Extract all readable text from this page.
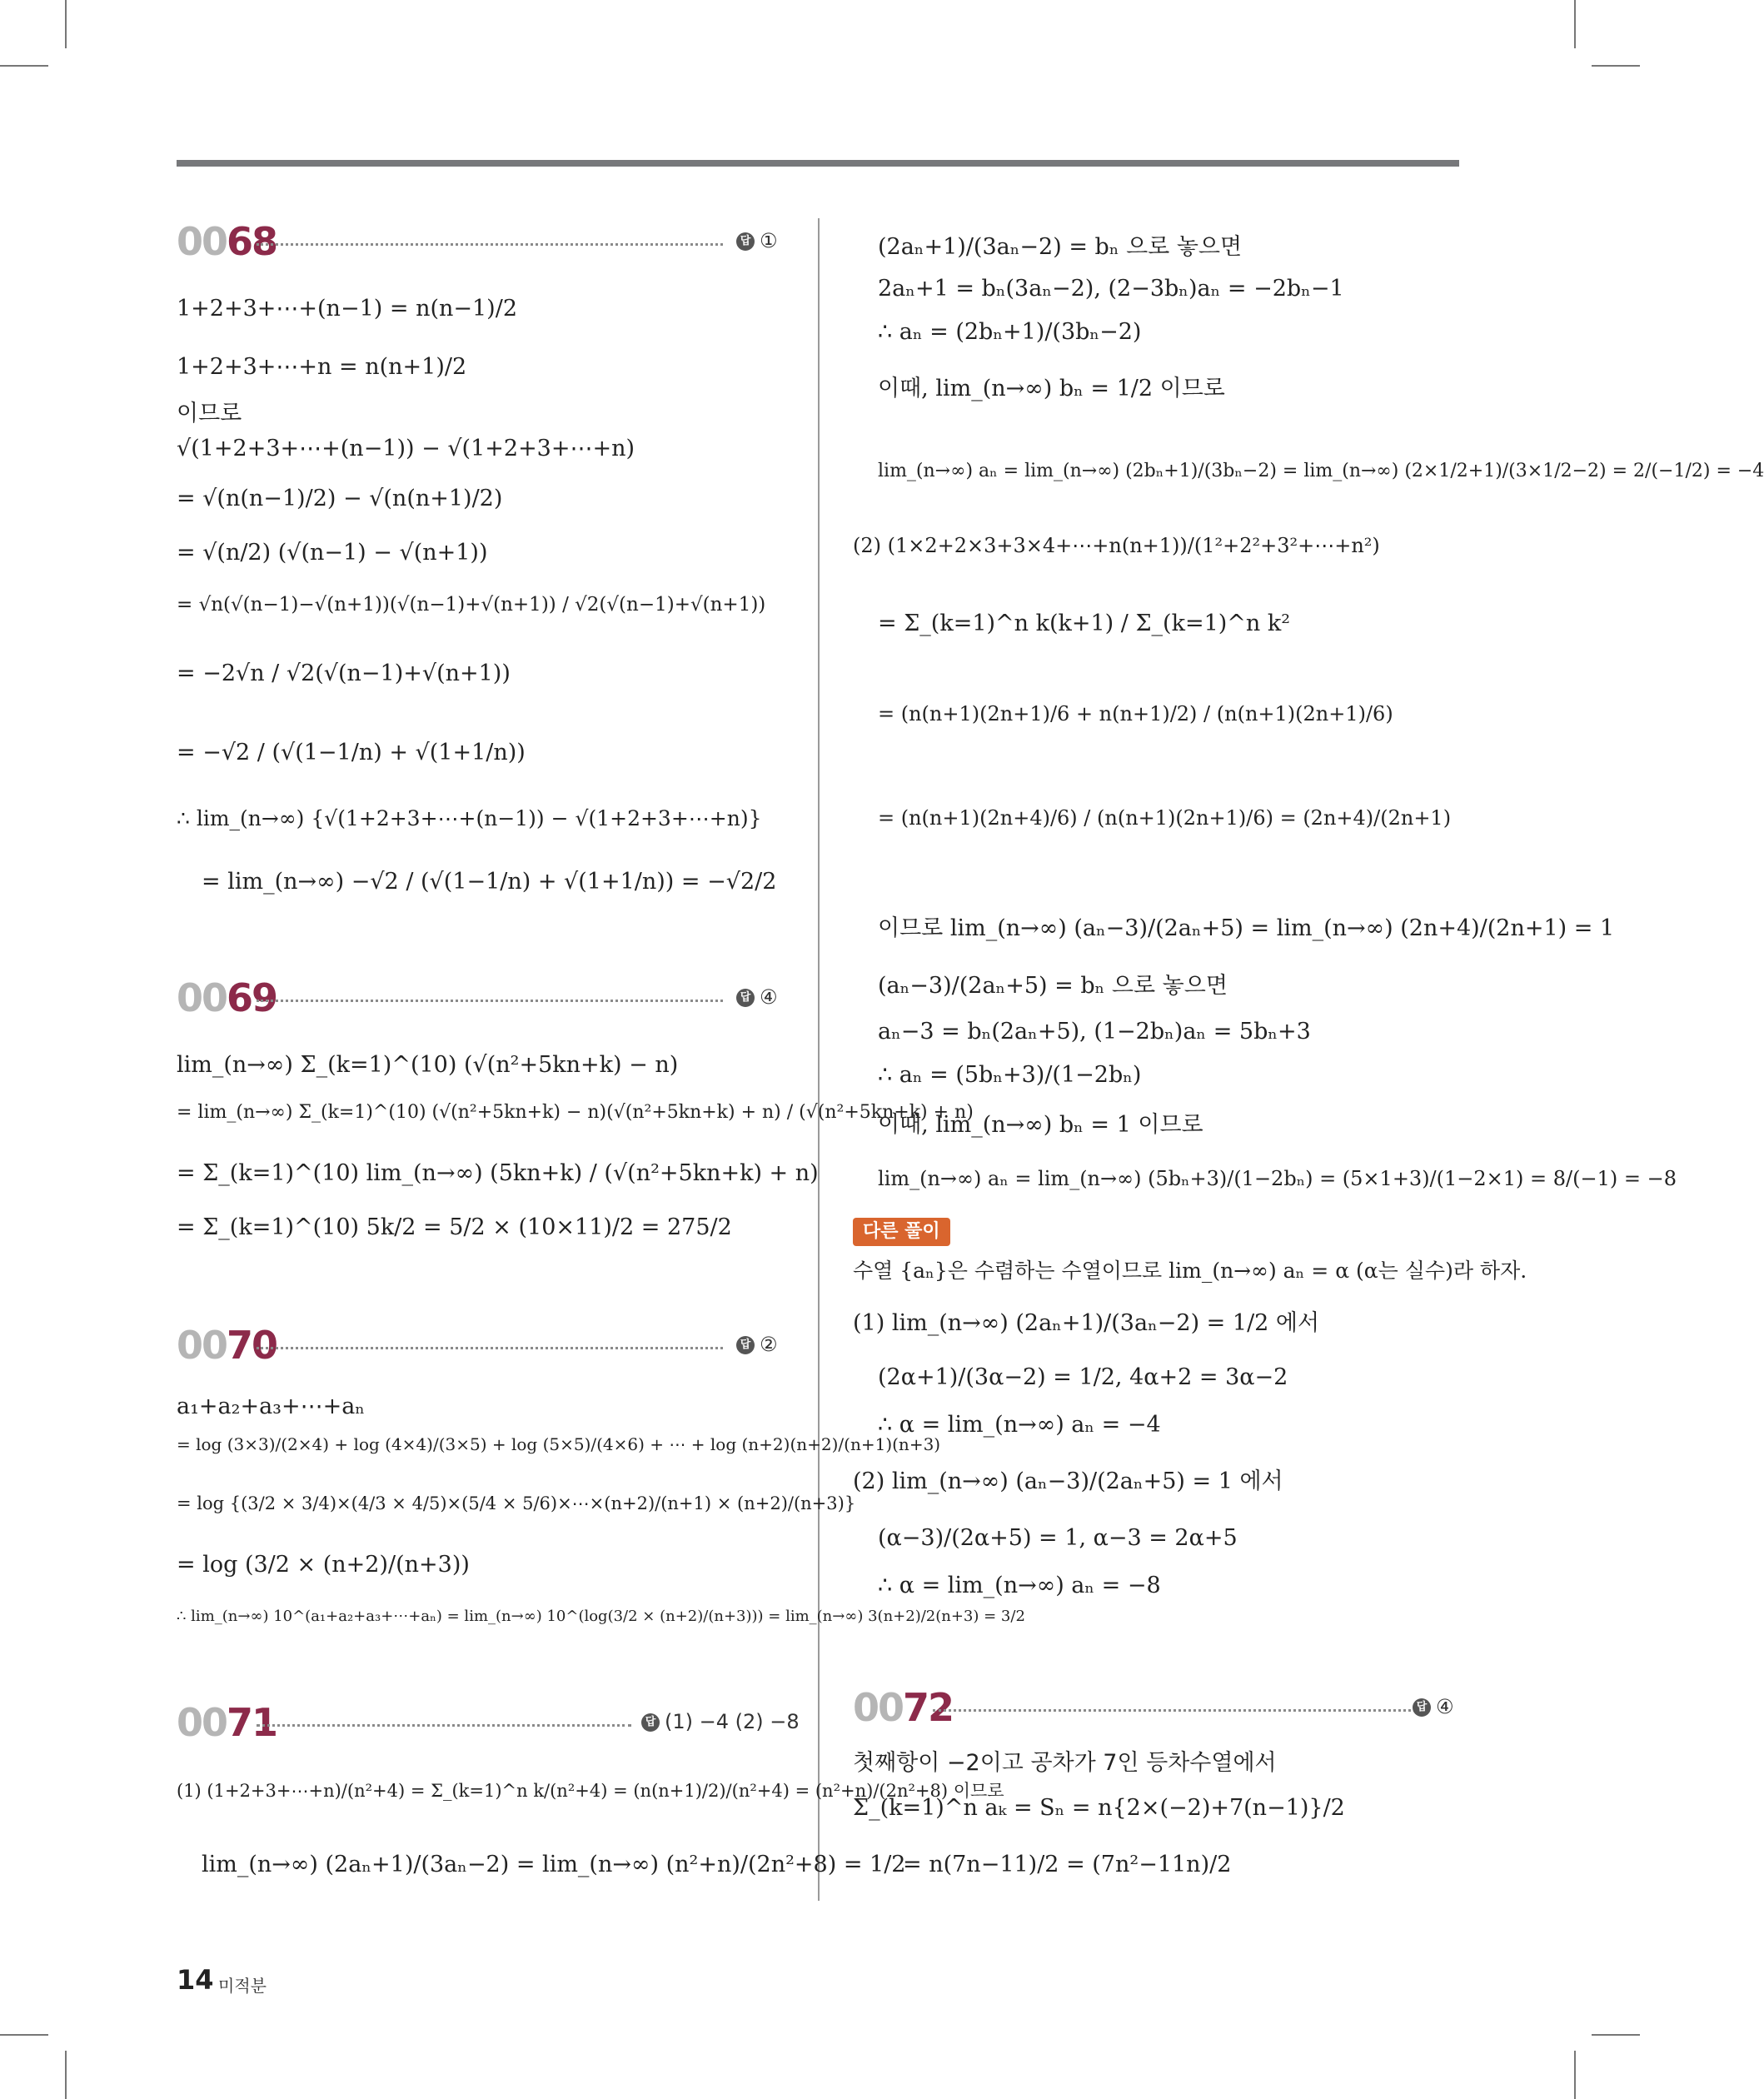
0068	답 ①
1+2+3+⋯+(n−1) = n(n−1)/2
1+2+3+⋯+n = n(n+1)/2
이므로
√(1+2+3+⋯+(n−1)) − √(1+2+3+⋯+n)
= √(n(n−1)/2) − √(n(n+1)/2)
= √(n/2) (√(n−1) − √(n+1))
= √n(√(n−1)−√(n+1))(√(n−1)+√(n+1)) / √2(√(n−1)+√(n+1))
= −2√n / √2(√(n−1)+√(n+1))
= −√2 / (√(1−1/n) + √(1+1/n))
∴ lim_(n→∞) {√(1+2+3+⋯+(n−1)) − √(1+2+3+⋯+n)}
= lim_(n→∞) −√2 / (√(1−1/n) + √(1+1/n)) = −√2/2
0069	답 ④
lim_(n→∞) Σ_(k=1)^(10) (√(n²+5kn+k) − n)
= lim_(n→∞) Σ_(k=1)^(10) (√(n²+5kn+k) − n)(√(n²+5kn+k) + n) / (√(n²+5kn+k) + n)
= Σ_(k=1)^(10) lim_(n→∞) (5kn+k) / (√(n²+5kn+k) + n)
= Σ_(k=1)^(10) 5k/2 = 5/2 × (10×11)/2 = 275/2
0070	답 ②
a₁+a₂+a₃+⋯+aₙ
= log (3×3)/(2×4) + log (4×4)/(3×5) + log (5×5)/(4×6) + ⋯ + log (n+2)(n+2)/(n+1)(n+3)
= log {(3/2 × 3/4)×(4/3 × 4/5)×(5/4 × 5/6)×⋯×(n+2)/(n+1) × (n+2)/(n+3)}
= log (3/2 × (n+2)/(n+3))
∴ lim_(n→∞) 10^(a₁+a₂+a₃+⋯+aₙ) = lim_(n→∞) 10^(log(3/2 × (n+2)/(n+3))) = lim_(n→∞) 3(n+2)/2(n+3) = 3/2
0071	답 (1) −4 (2) −8
(1) (1+2+3+⋯+n)/(n²+4) = Σ_(k=1)^n k/(n²+4) = (n(n+1)/2)/(n²+4) = (n²+n)/(2n²+8) 이므로
lim_(n→∞) (2aₙ+1)/(3aₙ−2) = lim_(n→∞) (n²+n)/(2n²+8) = 1/2
(2aₙ+1)/(3aₙ−2) = bₙ 으로 놓으면
2aₙ+1 = bₙ(3aₙ−2), (2−3bₙ)aₙ = −2bₙ−1
∴ aₙ = (2bₙ+1)/(3bₙ−2)
이때, lim_(n→∞) bₙ = 1/2 이므로
lim_(n→∞) aₙ = lim_(n→∞) (2bₙ+1)/(3bₙ−2) = lim_(n→∞) (2×1/2+1)/(3×1/2−2) = 2/(−1/2) = −4
(2) (1×2+2×3+3×4+⋯+n(n+1))/(1²+2²+3²+⋯+n²)
= Σ_(k=1)^n k(k+1) / Σ_(k=1)^n k²
= (n(n+1)(2n+1)/6 + n(n+1)/2) / (n(n+1)(2n+1)/6)
= (n(n+1)(2n+4)/6) / (n(n+1)(2n+1)/6) = (2n+4)/(2n+1)
이므로 lim_(n→∞) (aₙ−3)/(2aₙ+5) = lim_(n→∞) (2n+4)/(2n+1) = 1
(aₙ−3)/(2aₙ+5) = bₙ 으로 놓으면
aₙ−3 = bₙ(2aₙ+5), (1−2bₙ)aₙ = 5bₙ+3
∴ aₙ = (5bₙ+3)/(1−2bₙ)
이때, lim_(n→∞) bₙ = 1 이므로
lim_(n→∞) aₙ = lim_(n→∞) (5bₙ+3)/(1−2bₙ) = (5×1+3)/(1−2×1) = 8/(−1) = −8
다른 풀이
수열 {aₙ}은 수렴하는 수열이므로 lim_(n→∞) aₙ = α (α는 실수)라 하자.
(1) lim_(n→∞) (2aₙ+1)/(3aₙ−2) = 1/2 에서
(2α+1)/(3α−2) = 1/2, 4α+2 = 3α−2
∴ α = lim_(n→∞) aₙ = −4
(2) lim_(n→∞) (aₙ−3)/(2aₙ+5) = 1 에서
(α−3)/(2α+5) = 1, α−3 = 2α+5
∴ α = lim_(n→∞) aₙ = −8
0072	답 ④
첫째항이 −2이고 공차가 7인 등차수열에서
Σ_(k=1)^n aₖ = Sₙ = n{2×(−2)+7(n−1)}/2
= n(7n−11)/2 = (7n²−11n)/2
14 미적분
